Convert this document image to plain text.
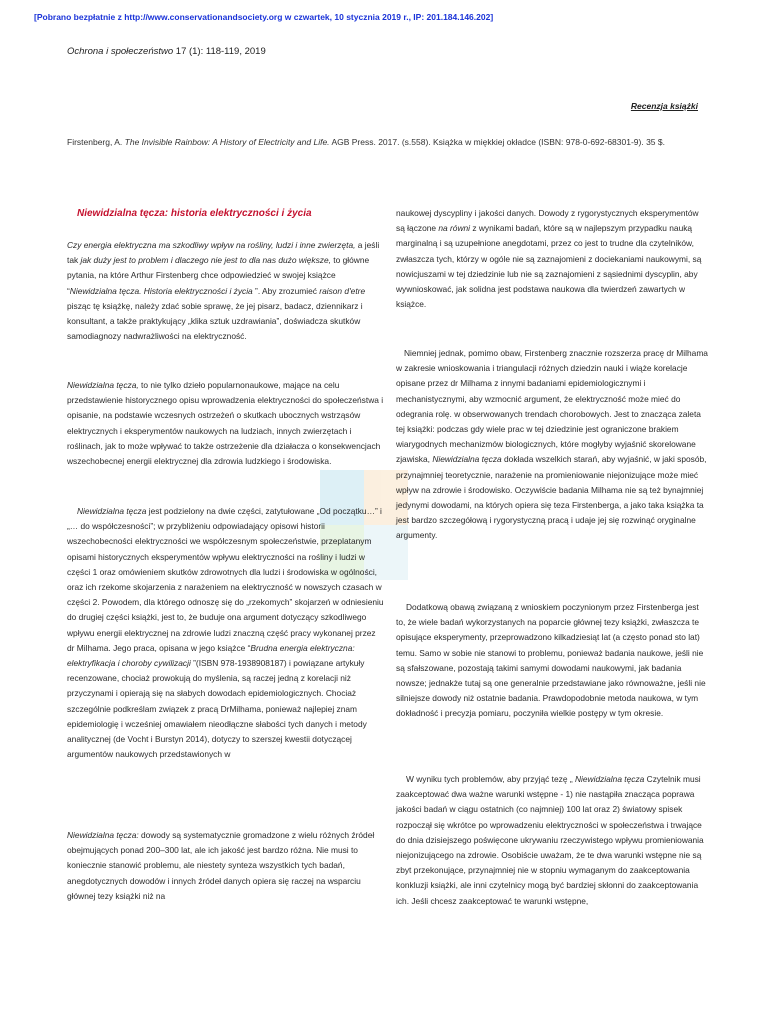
[Pobrano bezpłatnie z http://www.conservationandsociety.org w czwartek, 10 stycznia 2019 r., IP: 201.184.146.202]
Ochrona i społeczeństwo 17 (1): 118-119, 2019
Recenzja książki
Firstenberg, A. The Invisible Rainbow: A History of Electricity and Life. AGB Press. 2017. (s.558). Książka w miękkiej okładce (ISBN: 978-0-692-68301-9). 35 $.
Niewidzialna tęcza: historia elektryczności i życia

Czy energia elektryczna ma szkodliwy wpływ na rośliny, ludzi i inne zwierzęta, a jeśli tak jak duży jest to problem i dlaczego nie jest to dla nas dużo większe, to główne pytania, na które Arthur Firstenberg chce odpowiedzieć w swojej książce “Niewidzialna tęcza. Historia elektryczności i życia ”. Aby zrozumieć raison d'etre pisząc tę książkę, należy zdać sobie sprawę, że jej pisarz, badacz, dziennikarz i konsultant, a także praktykujący „klika sztuk uzdrawiania”, doświadcza skutków samodiagnozy nadwrażliwości na elektryczność.

Niewidzialna tęcza, to nie tylko dzieło popularnonaukowe, mające na celu przedstawienie historycznego opisu wprowadzenia elektryczności do społeczeństwa i opisanie, na podstawie wczesnych ostrzeżeń o skutkach ubocznych wstrząsów elektrycznych i eksperymentów naukowych na ludziach, innych zwierzętach i roślinach, jak to może wpływać to także ostrzeżenie dla działacza o konsekwencjach wszechobecnej energii elektrycznej dla zdrowia ludzkiego i środowiska.

Niewidzialna tęcza jest podzielony na dwie części, zatytułowane „Od początku…” i „… do współczesności”; w przybliżeniu odpowiadający opisowi historii wszechobecności elektryczności we współczesnym społeczeństwie, przeplatanym opisami historycznych eksperymentów wpływu elektryczności na rośliny i ludzi w części 1 oraz omówieniem skutków zdrowotnych dla ludzi i środowiska w ogólności, oraz ich rzekome skojarzenia z narażeniem na elektryczność w nowszych czasach w części 2. Powodem, dla którego odnoszę się do „rzekomych” skojarzeń w odniesieniu do drugiej części książki, jest to, że buduje ona argument dotyczący szkodliwego wpływu energii elektrycznej na zdrowie ludzi znaczną część pracy wykonanej przez dr Milhama. Jego praca, opisana w jego książce “Brudna energia elektryczna: elektryfikacja i choroby cywilizacji ”(ISBN 978-1938908187) i powiązane artykuły recenzowane, chociaż prowokują do myślenia, są raczej jedną z korelacji niż przyczynami i opierają się na słabych dowodach epidemiologicznych. Chociaż szczególnie podkreślam związek z pracą DrMilhama, ponieważ najlepiej znam epidemiologię i wcześniej omawiałem nieodłączne słabości tych danych i metody analitycznej (de Vocht i Burstyn 2014), dotyczy to szerszej kwestii dotyczącej argumentów naukowych przedstawionych w

Niewidzialna tęcza: dowody są systematycznie gromadzone z wielu różnych źródeł obejmujących ponad 200–300 lat, ale ich jakość jest bardzo różna. Nie musi to koniecznie stanowić problemu, ale niestety synteza wszystkich tych badań, anegdotycznych dowodów i innych źródeł danych opiera się raczej na wsparciu głównej tezy książki niż na

naukowej dyscypliny i jakości danych. Dowody z rygorystycznych eksperymentów są łączone na równi z wynikami badań, które są w najlepszym przypadku nauką marginalną i są uzupełnione anegdotami, przez co jest to trudne dla czytelników, zwłaszcza tych, którzy w ogóle nie są zaznajomieni z dociekaniami naukowymi, są nowicjuszami w tej dziedzinie lub nie są zaznajomieni z sąsiednimi dyscyplin, aby wywnioskować, jak solidna jest podstawa naukowa dla twierdzeń zawartych w książce.

Niemniej jednak, pomimo obaw, Firstenberg znacznie rozszerza pracę dr Milhama w zakresie wnioskowania i triangulacji różnych dziedzin nauki i wiąże korelacje opisane przez dr Milhama z innymi badaniami epidemiologicznymi i mechanistycznymi, aby wzmocnić argument, że elektryczność może mieć do odegrania rolę. w obserwowanych trendach chorobowych. Jest to znacząca zaleta tej książki: podczas gdy wiele prac w tej dziedzinie jest ograniczone brakiem wiarygodnych mechanizmów biologicznych, które mogłyby wyjaśnić skorelowane zjawiska, Niewidzialna tęcza dokłada wszelkich starań, aby wyjaśnić, w jaki sposób, przynajmniej teoretycznie, narażenie na promieniowanie niejonizujące może mieć wpływ na zdrowie i środowisko. Oczywiście badania Milhama nie są też bynajmniej jedynymi dowodami, na których opiera się teza Firstenberga, a jako taka książka ta jest bardzo szczegółową i rygorystyczną pracą i udaje jej się rozwinąć oryginalne argumenty.

Dodatkową obawą związaną z wnioskiem poczynionym przez Firstenberga jest to, że wiele badań wykorzystanych na poparcie głównej tezy książki, zwłaszcza te opisujące eksperymenty, przeprowadzono kilkadziesiąt lat (a często ponad sto lat) temu. Samo w sobie nie stanowi to problemu, ponieważ badania naukowe, jeśli nie są sfałszowane, pozostają takimi samymi dowodami naukowymi, jak badania nowsze; jednakże tutaj są one generalnie przedstawiane jako równoważne, jeśli nie silniejsze dowody niż ostatnie badania. Prawdopodobnie metoda naukowa, w tym dokładność i precyzja pomiaru, poczyniła wielkie postępy w tym okresie.

W wyniku tych problemów, aby przyjąć tezę „ Niewidzialna tęcza Czytelnik musi zaakceptować dwa ważne warunki wstępne - 1) nie nastąpiła znacząca poprawa jakości badań w ciągu ostatnich (co najmniej) 100 lat oraz 2) światowy spisek rozpoczął się wkrótce po wprowadzeniu elektryczności w społeczeństwa i trwające do dnia dzisiejszego poświęcone ukrywaniu rzeczywistego wpływu promieniowania niejonizującego na zdrowie. Osobiście uważam, że te dwa warunki wstępne nie są zbyt przekonujące, przynajmniej nie w stopniu wymaganym do zaakceptowania konkluzji książki, ale inni czytelnicy mogą być bardziej skłonni do zaakceptowania ich. Jeśli chcesz zaakceptować te warunki wstępne,
